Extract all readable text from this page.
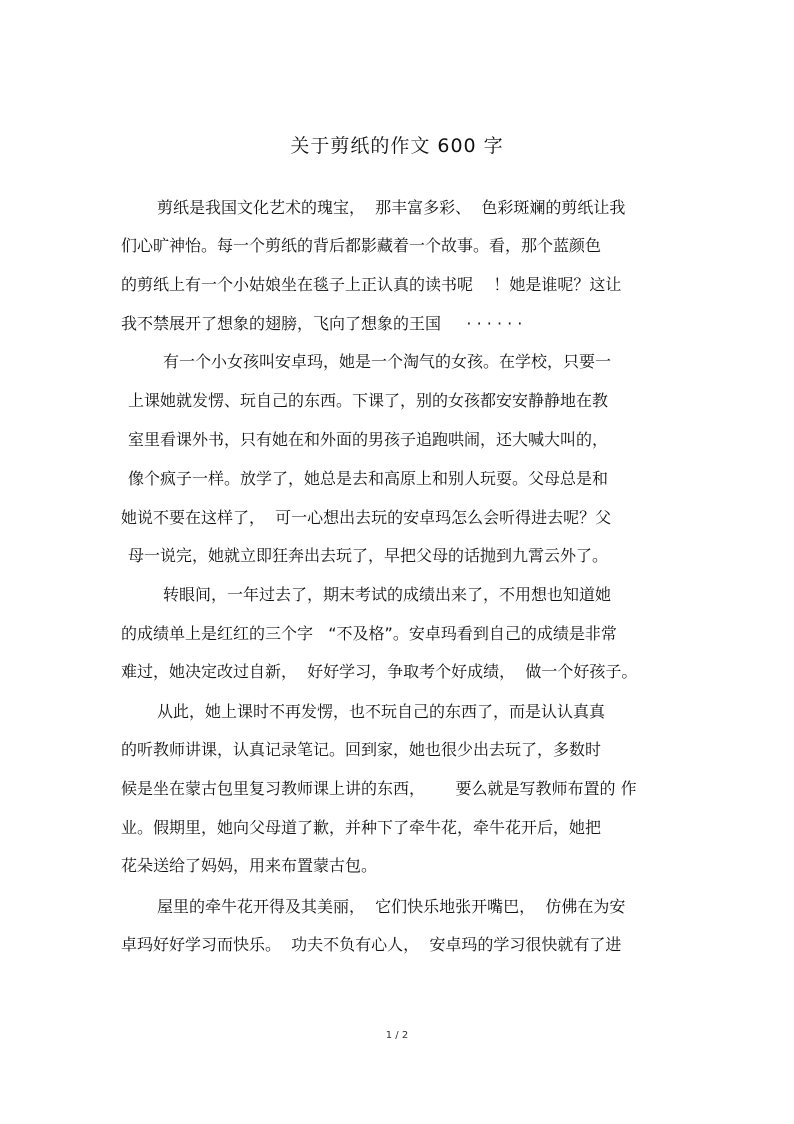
关于剪纸的作文 600 字
剪纸是我国文化艺术的瑰宝，  那丰富多彩、  色彩斑斓的剪纸让我
们心旷神怡。每一个剪纸的背后都影藏着一个故事。看，那个蓝颜色
的剪纸上有一个小姑娘坐在毯子上正认真的读书呢    ！她是谁呢？这让
我不禁展开了想象的翅膀，飞向了想象的王国     · · · · · ·
有一个小女孩叫安卓玛，她是一个淘气的女孩。在学校，只要一
上课她就发愣、玩自己的东西。下课了，别的女孩都安安静静地在教
室里看课外书，只有她在和外面的男孩子追跑哄闹，还大喊大叫的，
像个疯子一样。放学了，她总是去和高原上和别人玩耍。父母总是和
她说不要在这样了，  可一心想出去玩的安卓玛怎么会听得进去呢？父
母一说完，她就立即狂奔出去玩了，早把父母的话抛到九霄云外了。
转眼间，一年过去了，期末考试的成绩出来了，不用想也知道她
的成绩单上是红红的三个字   “不及格”。安卓玛看到自己的成绩是非常
难过，她决定改过自新，  好好学习，争取考个好成绩，  做一个好孩子。
从此，她上课时不再发愣，也不玩自己的东西了，而是认认真真
的听教师讲课，认真记录笔记。回到家，她也很少出去玩了，多数时
候是坐在蒙古包里复习教师课上讲的东西，      要么就是写教师布置的 作
业。假期里，她向父母道了歉，并种下了牵牛花，牵牛花开后，她把
花朵送给了妈妈，用来布置蒙古包。
屋里的牵牛花开得及其美丽，  它们快乐地张开嘴巴，  仿佛在为安
卓玛好好学习而快乐。  功夫不负有心人，  安卓玛的学习很快就有了进
1 / 2
